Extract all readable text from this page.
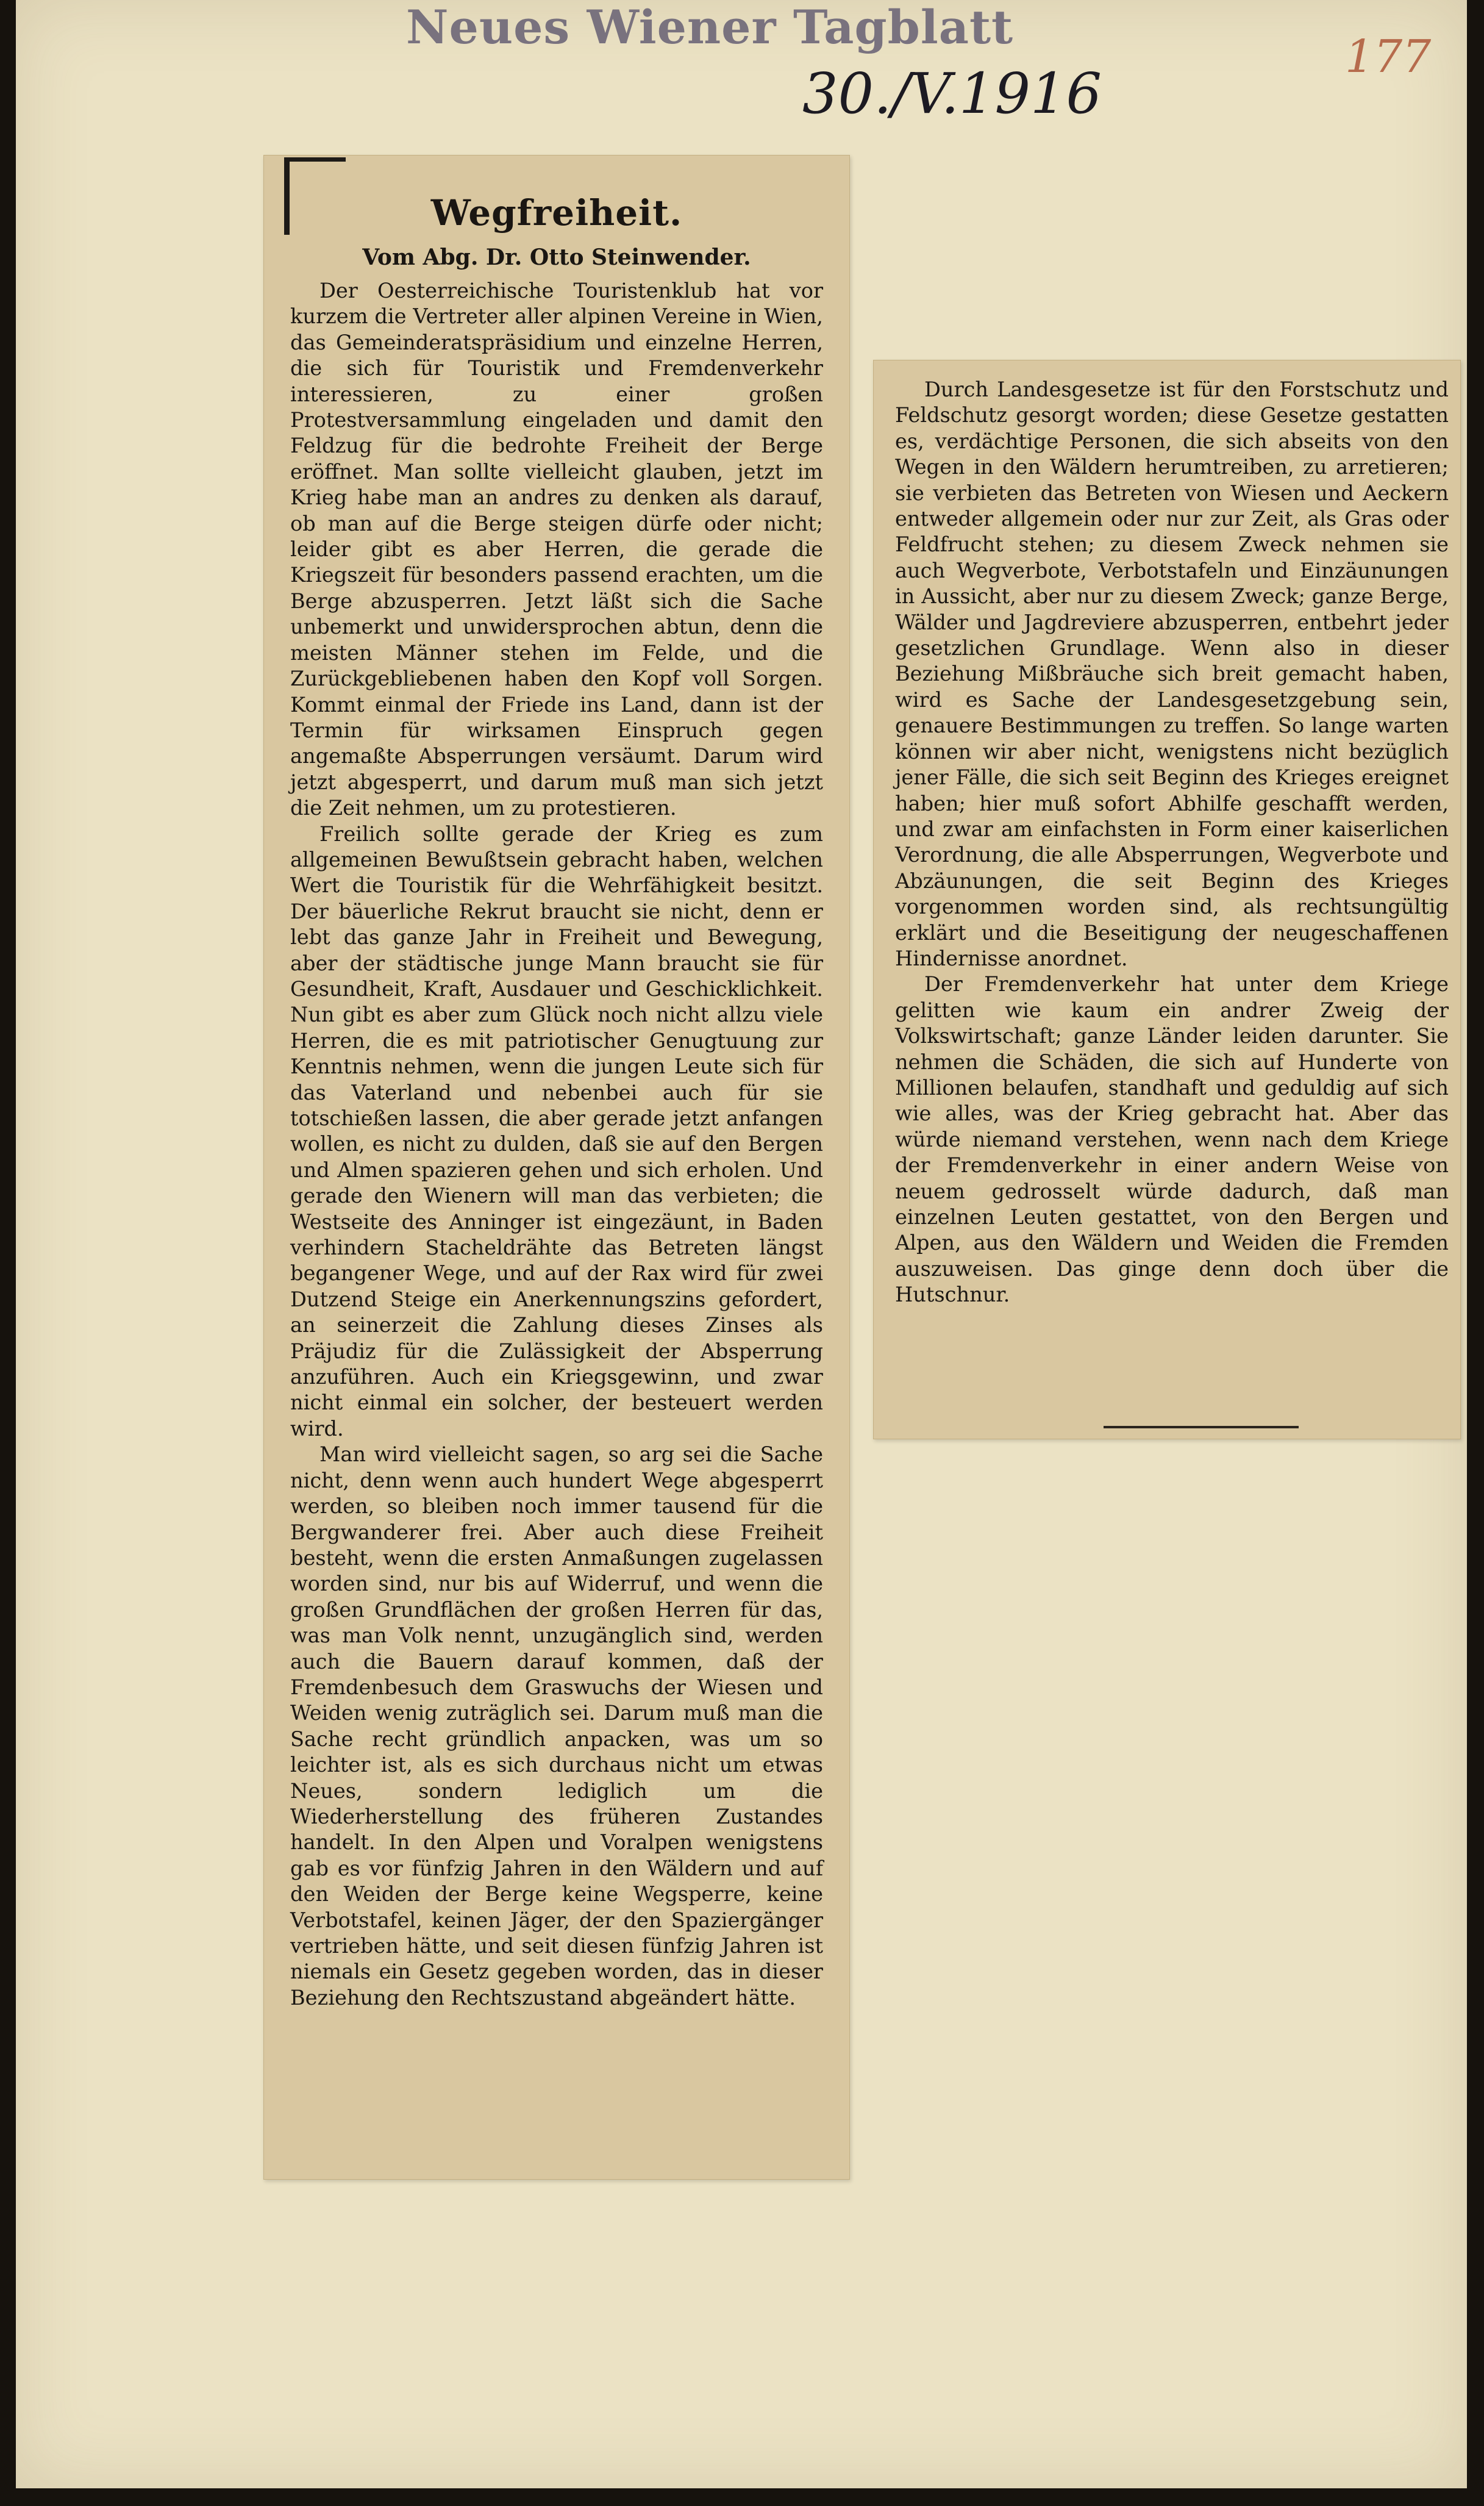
Neues Wiener Tagblatt
30./V.1916
177
Wegfreiheit.
Vom Abg. Dr. Otto Steinwender.

Der Oesterreichische Touristenklub hat vor kurzem die Vertreter aller alpinen Vereine in Wien, das Gemeinderatspräsidium und einzelne Herren, die sich für Touristik und Fremdenverkehr interessieren, zu einer großen Protestversammlung eingeladen und damit den Feldzug für die bedrohte Freiheit der Berge eröffnet. Man sollte vielleicht glauben, jetzt im Krieg habe man an andres zu denken als darauf, ob man auf die Berge steigen dürfe oder nicht; leider gibt es aber Herren, die gerade die Kriegszeit für besonders passend erachten, um die Berge abzusperren. Jetzt läßt sich die Sache unbemerkt und unwidersprochen abtun, denn die meisten Männer stehen im Felde, und die Zurückgebliebenen haben den Kopf voll Sorgen. Kommt einmal der Friede ins Land, dann ist der Termin für wirksamen Einspruch gegen angemaßte Absperrungen versäumt. Darum wird jetzt abgesperrt, und darum muß man sich jetzt die Zeit nehmen, um zu protestieren.

Freilich sollte gerade der Krieg es zum allgemeinen Bewußtsein gebracht haben, welchen Wert die Touristik für die Wehrfähigkeit besitzt. Der bäuerliche Rekrut braucht sie nicht, denn er lebt das ganze Jahr in Freiheit und Bewegung, aber der städtische junge Mann braucht sie für Gesundheit, Kraft, Ausdauer und Geschicklichkeit. Nun gibt es aber zum Glück noch nicht allzu viele Herren, die es mit patriotischer Genugtuung zur Kenntnis nehmen, wenn die jungen Leute sich für das Vaterland und nebenbei auch für sie totschießen lassen, die aber gerade jetzt anfangen wollen, es nicht zu dulden, daß sie auf den Bergen und Almen spazieren gehen und sich erholen. Und gerade den Wienern will man das verbieten; die Westseite des Anninger ist eingezäunt, in Baden verhindern Stacheldrähte das Betreten längst begangener Wege, und auf der Rax wird für zwei Dutzend Steige ein Anerkennungszins gefordert, an seinerzeit die Zahlung dieses Zinses als Präjudiz für die Zulässigkeit der Absperrung anzuführen. Auch ein Kriegsgewinn, und zwar nicht einmal ein solcher, der besteuert werden wird.

Man wird vielleicht sagen, so arg sei die Sache nicht, denn wenn auch hundert Wege abgesperrt werden, so bleiben noch immer tausend für die Bergwanderer frei. Aber auch diese Freiheit besteht, wenn die ersten Anmaßungen zugelassen worden sind, nur bis auf Widerruf, und wenn die großen Grundflächen der großen Herren für das, was man Volk nennt, unzugänglich sind, werden auch die Bauern darauf kommen, daß der Fremdenbesuch dem Graswuchs der Wiesen und Weiden wenig zuträglich sei. Darum muß man die Sache recht gründlich anpacken, was um so leichter ist, als es sich durchaus nicht um etwas Neues, sondern lediglich um die Wiederherstellung des früheren Zustandes handelt. In den Alpen und Voralpen wenigstens gab es vor fünfzig Jahren in den Wäldern und auf den Weiden der Berge keine Wegsperre, keine Verbotstafel, keinen Jäger, der den Spaziergänger vertrieben hätte, und seit diesen fünfzig Jahren ist niemals ein Gesetz gegeben worden, das in dieser Beziehung den Rechtszustand abgeändert hätte.

Durch Landesgesetze ist für den Forstschutz und Feldschutz gesorgt worden; diese Gesetze gestatten es, verdächtige Personen, die sich abseits von den Wegen in den Wäldern herumtreiben, zu arretieren; sie verbieten das Betreten von Wiesen und Aeckern entweder allgemein oder nur zur Zeit, als Gras oder Feldfrucht stehen; zu diesem Zweck nehmen sie auch Wegverbote, Verbotstafeln und Einzäunungen in Aussicht, aber nur zu diesem Zweck; ganze Berge, Wälder und Jagdreviere abzusperren, entbehrt jeder gesetzlichen Grundlage. Wenn also in dieser Beziehung Mißbräuche sich breit gemacht haben, wird es Sache der Landesgesetzgebung sein, genauere Bestimmungen zu treffen. So lange warten können wir aber nicht, wenigstens nicht bezüglich jener Fälle, die sich seit Beginn des Krieges ereignet haben; hier muß sofort Abhilfe geschafft werden, und zwar am einfachsten in Form einer kaiserlichen Verordnung, die alle Absperrungen, Wegverbote und Abzäunungen, die seit Beginn des Krieges vorgenommen worden sind, als rechtsungültig erklärt und die Beseitigung der neugeschaffenen Hindernisse anordnet.

Der Fremdenverkehr hat unter dem Kriege gelitten wie kaum ein andrer Zweig der Volkswirtschaft; ganze Länder leiden darunter. Sie nehmen die Schäden, die sich auf Hunderte von Millionen belaufen, standhaft und geduldig auf sich wie alles, was der Krieg gebracht hat. Aber das würde niemand verstehen, wenn nach dem Kriege der Fremdenverkehr in einer andern Weise von neuem gedrosselt würde dadurch, daß man einzelnen Leuten gestattet, von den Bergen und Alpen, aus den Wäldern und Weiden die Fremden auszuweisen. Das ginge denn doch über die Hutschnur.
